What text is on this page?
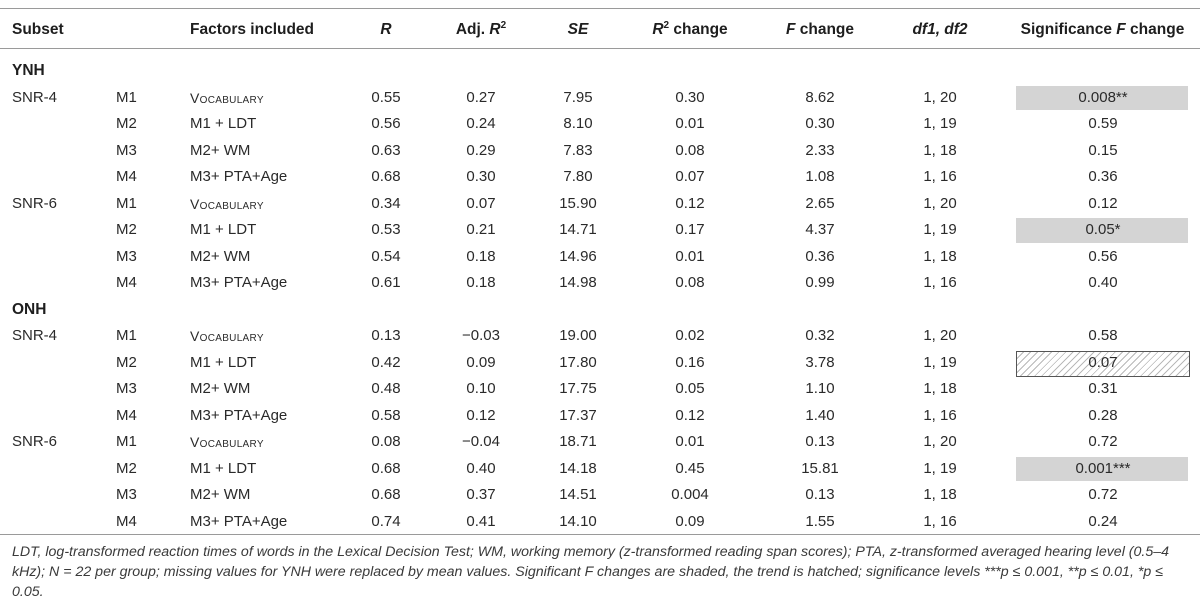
Subset	Factors included	R	Adj. $R^2$	SE	$R^2$ change	F change	df1, df2	Significance F change
YNH
SNR-4	M1	Vocabulary	0.55	0.27	7.95	0.30	8.62	1, 20	0.008**
M2	M1 + LDT	0.56	0.24	8.10	0.01	0.30	1, 19	0.59
M3	M2+ WM	0.63	0.29	7.83	0.08	2.33	1, 18	0.15
M4	M3+ PTA+Age	0.68	0.30	7.80	0.07	1.08	1, 16	0.36
SNR-6	M1	Vocabulary	0.34	0.07	15.90	0.12	2.65	1, 20	0.12
M2	M1 + LDT	0.53	0.21	14.71	0.17	4.37	1, 19	0.05*
M3	M2+ WM	0.54	0.18	14.96	0.01	0.36	1, 18	0.56
M4	M3+ PTA+Age	0.61	0.18	14.98	0.08	0.99	1, 16	0.40
ONH
SNR-4	M1	Vocabulary	0.13	−0.03	19.00	0.02	0.32	1, 20	0.58
M2	M1 + LDT	0.42	0.09	17.80	0.16	3.78	1, 19	0.07
M3	M2+ WM	0.48	0.10	17.75	0.05	1.10	1, 18	0.31
M4	M3+ PTA+Age	0.58	0.12	17.37	0.12	1.40	1, 16	0.28
SNR-6	M1	Vocabulary	0.08	−0.04	18.71	0.01	0.13	1, 20	0.72
M2	M1 + LDT	0.68	0.40	14.18	0.45	15.81	1, 19	0.001***
M3	M2+ WM	0.68	0.37	14.51	0.004	0.13	1, 18	0.72
M4	M3+ PTA+Age	0.74	0.41	14.10	0.09	1.55	1, 16	0.24
LDT, log-transformed reaction times of words in the Lexical Decision Test; WM, working memory (z-transformed reading span scores); PTA, z-transformed averaged hearing level (0.5–4 kHz); N = 22 per group; missing values for YNH were replaced by mean values. Significant F changes are shaded, the trend is hatched; significance levels ***p ≤ 0.001, **p ≤ 0.01, *p ≤ 0.05.
